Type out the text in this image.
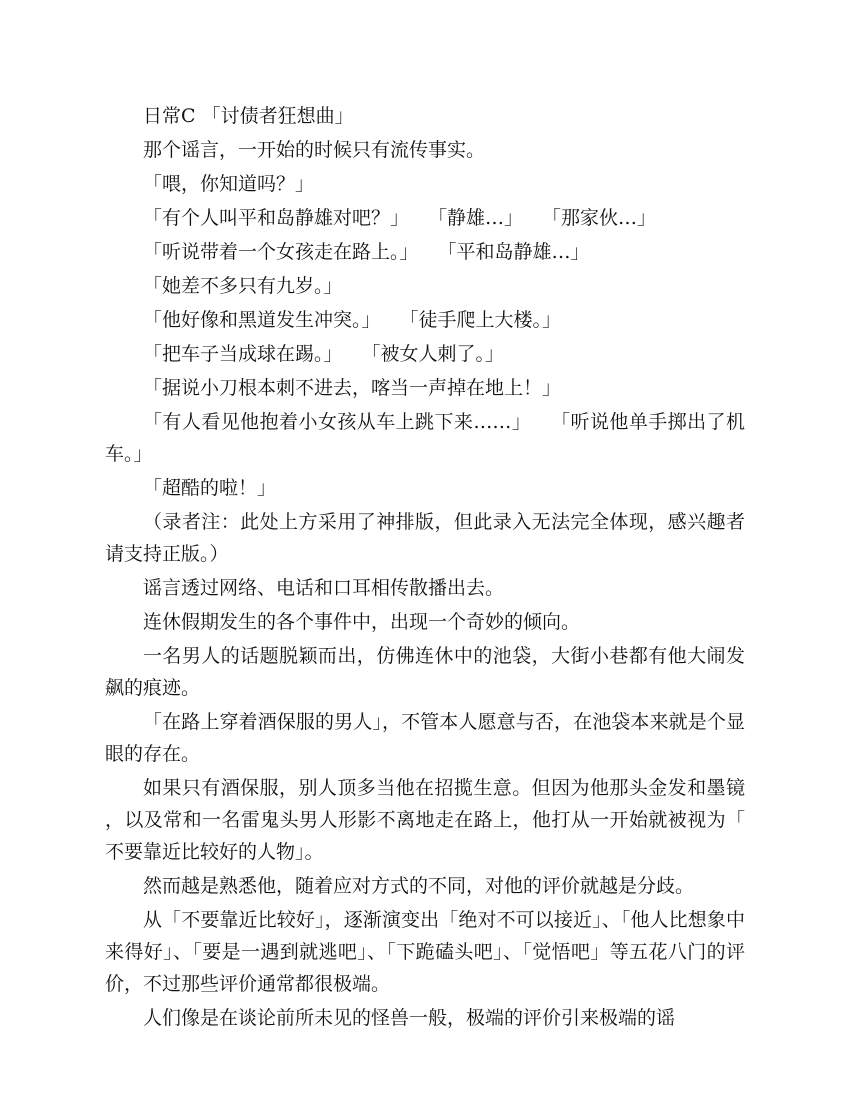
日常C 「讨债者狂想曲」

那个谣言，一开始的时候只有流传事实。

「喂，你知道吗？」

「有个人叫平和岛静雄对吧？」　　「静雄…」　　「那家伙…」

「听说带着一个女孩走在路上。」　　「平和岛静雄…」

「她差不多只有九岁。」

「他好像和黑道发生冲突。」　　「徒手爬上大楼。」

「把车子当成球在踢。」　　「被女人刺了。」

「据说小刀根本刺不进去，喀当一声掉在地上！」

「有人看见他抱着小女孩从车上跳下来……」　　「听说他单手掷出了机车。」

「超酷的啦！」

（录者注：此处上方采用了神排版，但此录入无法完全体现，感兴趣者请支持正版。）

谣言透过网络、电话和口耳相传散播出去。

连休假期发生的各个事件中，出现一个奇妙的倾向。

一名男人的话题脱颖而出，仿佛连休中的池袋，大街小巷都有他大闹发飙的痕迹。

「在路上穿着酒保服的男人」，不管本人愿意与否，在池袋本来就是个显眼的存在。

如果只有酒保服，别人顶多当他在招揽生意。但因为他那头金发和墨镜，以及常和一名雷鬼头男人形影不离地走在路上，他打从一开始就被视为「不要靠近比较好的人物」。

然而越是熟悉他，随着应对方式的不同，对他的评价就越是分歧。

从「不要靠近比较好」，逐渐演变出「绝对不可以接近」、「他人比想象中来得好」、「要是一遇到就逃吧」、「下跪磕头吧」、「觉悟吧」等五花八门的评价，不过那些评价通常都很极端。

人们像是在谈论前所未见的怪兽一般，极端的评价引来极端的谣
